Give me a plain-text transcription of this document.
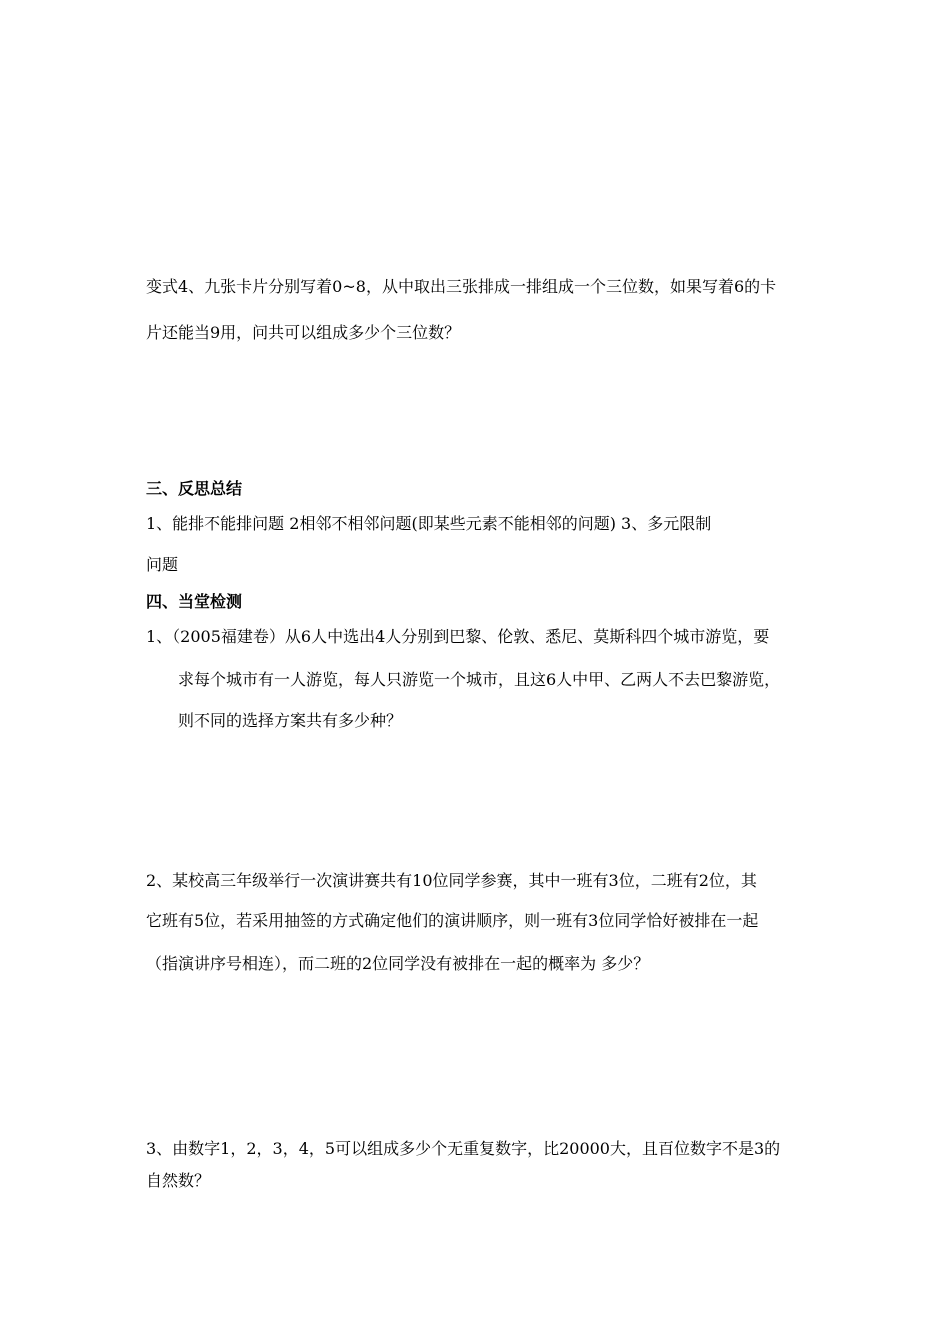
变式4、九张卡片分别写着0~8，从中取出三张排成一排组成一个三位数，如果写着6的卡
片还能当9用，问共可以组成多少个三位数？
三、反思总结
1、能排不能排问题 2相邻不相邻问题(即某些元素不能相邻的问题) 3、多元限制
问题
四、当堂检测
1、（2005福建卷）从6人中选出4人分别到巴黎、伦敦、悉尼、莫斯科四个城市游览，要
求每个城市有一人游览，每人只游览一个城市，且这6人中甲、乙两人不去巴黎游览，
则不同的选择方案共有多少种？
2、某校高三年级举行一次演讲赛共有10位同学参赛，其中一班有3位，二班有2位，其
它班有5位，若采用抽签的方式确定他们的演讲顺序，则一班有3位同学恰好被排在一起
（指演讲序号相连），而二班的2位同学没有被排在一起的概率为 多少？
3、由数字1，2，3，4，5可以组成多少个无重复数字，比20000大，且百位数字不是3的
自然数？
